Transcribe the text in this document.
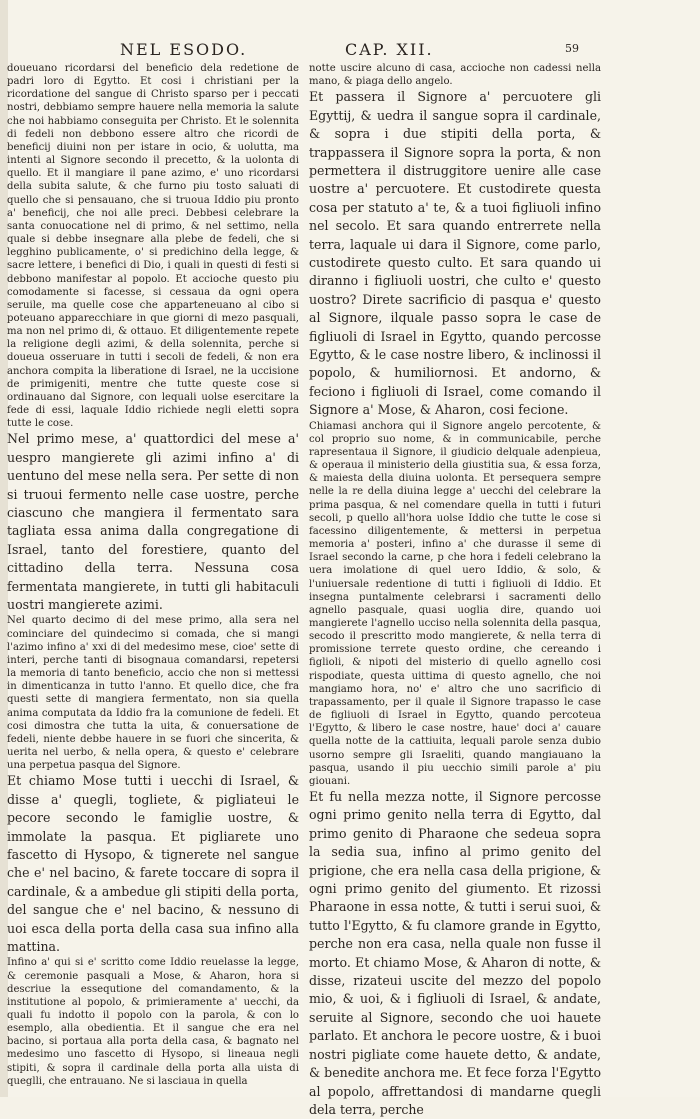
NEL ESODO.	CAP. XII.	59

doueuano ricordarsi del beneficio dela redetione de padri loro di Egytto. Et cosi i christiani per la ricordatione del sangue di Christo sparso per i peccati nostri, debbiamo sempre hauere nella memoria la salute che noi habbiamo conseguita per Christo. Et le solennita di fedeli non debbono essere altro che ricordi de beneficij diuini non per istare in ocio, & uolutta, ma intenti al Signore secondo il precetto, & la uolonta di quello. Et il mangiare il pane azimo, e' uno ricordarsi della subita salute, & che furno piu tosto saluati di quello che si pensauano, che si truoua Iddio piu pronto a' beneficij, che noi alle preci. Debbesi celebrare la santa conuocatione nel di primo, & nel settimo, nella quale si debbe insegnare alla plebe de fedeli, che si legghino publicamente, o' si predichino della legge, & sacre lettere, i benefici di Dio, i quali in questi di festi si debbono manifestar al popolo. Et accioche questo piu comodamente si facesse, si cessaua da ogni opera seruile, ma quelle cose che apparteneuano al cibo si poteuano apparecchiare in que giorni di mezo pasquali, ma non nel primo di, & ottauo. Et diligentemente repete la religione degli azimi, & della solennita, perche si doueua osseruare in tutti i secoli de fedeli, & non era anchora compita la liberatione di Israel, ne la uccisione de primigeniti, mentre che tutte queste cose si ordinauano dal Signore, con lequali uolse esercitare la fede di essi, laquale Iddio richiede negli eletti sopra tutte le cose.

Nel primo mese, a' quattordici del mese a' uespro mangierete gli azimi infino a' di uentuno del mese nella sera. Per sette di non si truoui fermento nelle case uostre, perche ciascuno che mangiera il fermentato sara tagliata essa anima dalla congregatione di Israel, tanto del forestiere, quanto del cittadino della terra. Nessuna cosa fermentata mangierete, in tutti gli habitaculi uostri mangierete azimi.

Nel quarto decimo di del mese primo, alla sera nel cominciare del quindecimo si comada, che si mangi l'azimo infino a' xxi di del medesimo mese, cioe' sette di interi, perche tanti di bisognaua comandarsi, repetersi la memoria di tanto beneficio, accio che non si mettessi in dimenticanza in tutto l'anno. Et quello dice, che fra questi sette di mangiera fermentato, non sia quella anima computata da Iddio fra la comunione de fedeli. Et cosi dimostra che tutta la uita, & conuersatione de fedeli, niente debbe hauere in se fuori che sincerita, & uerita nel uerbo, & nella opera, & questo e' celebrare una perpetua pasqua del Signore.

Et chiamo Mose tutti i uecchi di Israel, & disse a' quegli, togliete, & pigliateui le pecore secondo le famiglie uostre, & immolate la pasqua. Et pigliarete uno fascetto di Hysopo, & tignerete nel sangue che e' nel bacino, & farete toccare di sopra il cardinale, & a ambedue gli stipiti della porta, del sangue che e' nel bacino, & nessuno di uoi esca della porta della casa sua infino alla mattina.

Infino a' qui si e' scritto come Iddio reuelasse la legge, & ceremonie pasquali a Mose, & Aharon, hora si descriue la essequtione del comandamento, & la institutione al popolo, & primieramente a' uecchi, da quali fu indotto il popolo con la parola, & con lo esemplo, alla obedientia. Et il sangue che era nel bacino, si portaua alla porta della casa, & bagnato nel medesimo uno fascetto di Hysopo, si lineaua negli stipiti, & sopra il cardinale della porta alla uista di queglli, che entrauano. Ne si lasciaua in quella

notte uscire alcuno di casa, accioche non cadessi nella mano, & piaga dello angelo.

Et passera il Signore a' percuotere gli Egyttij, & uedra il sangue sopra il cardinale, & sopra i due stipiti della porta, & trappassera il Signore sopra la porta, & non permettera il distruggitore uenire alle case uostre a' percuotere. Et custodirete questa cosa per statuto a' te, & a tuoi figliuoli infino nel secolo. Et sara quando entrerrete nella terra, laquale ui dara il Signore, come parlo, custodirete questo culto. Et sara quando ui diranno i figliuoli uostri, che culto e' questo uostro? Direte sacrificio di pasqua e' questo al Signore, ilquale passo sopra le case de figliuoli di Israel in Egytto, quando percosse Egytto, & le case nostre libero, & inclinossi il popolo, & humiliornosi. Et andorno, & feciono i figliuoli di Israel, come comando il Signore a' Mose, & Aharon, cosi fecione.

Chiamasi anchora qui il Signore angelo percotente, & col proprio suo nome, & in communicabile, perche rapresentaua il Signore, il giudicio delquale adenpieua, & operaua il ministerio della giustitia sua, & essa forza, & maiesta della diuina uolonta. Et persequera sempre nelle la re della diuina legge a' uecchi del celebrare la prima pasqua, & nel comendare quella in tutti i futuri secoli, p quello all'hora uolse Iddio che tutte le cose si facessino diligentemente, & mettersi in perpetua memoria a' posteri, infino a' che durasse il seme di Israel secondo la carne, p che hora i fedeli celebrano la uera imolatione di quel uero Iddio, & solo, & l'uniuersale redentione di tutti i figliuoli di Iddio. Et insegna puntalmente celebrarsi i sacramenti dello agnello pasquale, quasi uoglia dire, quando uoi mangierete l'agnello ucciso nella solennita della pasqua, secodo il prescritto modo mangierete, & nella terra di promissione terrete questo ordine, che cereando i figlioli, & nipoti del misterio di quello agnello cosi rispodiate, questa uittima di questo agnello, che noi mangiamo hora, no' e' altro che uno sacrificio di trapassamento, per il quale il Signore trapasso le case de figliuoli di Israel in Egytto, quando percoteua l'Egytto, & libero le case nostre, haue' doci a' cauare quella notte de la cattiuita, lequali parole senza dubio usorno sempre gli Israeliti, quando mangiauano la pasqua, usando il piu uecchio simili parole a' piu giouani.

Et fu nella mezza notte, il Signore percosse ogni primo genito nella terra di Egytto, dal primo genito di Pharaone che sedeua sopra la sedia sua, infino al primo genito del prigione, che era nella casa della prigione, & ogni primo genito del giumento. Et rizossi Pharaone in essa notte, & tutti i serui suoi, & tutto l'Egytto, & fu clamore grande in Egytto, perche non era casa, nella quale non fusse il morto. Et chiamo Mose, & Aharon di notte, & disse, rizateui uscite del mezzo del popolo mio, & uoi, & i figliuoli di Israel, & andate, seruite al Signore, secondo che uoi hauete parlato. Et anchora le pecore uostre, & i buoi nostri pigliate come hauete detto, & andate, & benedite anchora me. Et fece forza l'Egytto al popolo, affrettandosi di mandarne quegli dela terra, perche
